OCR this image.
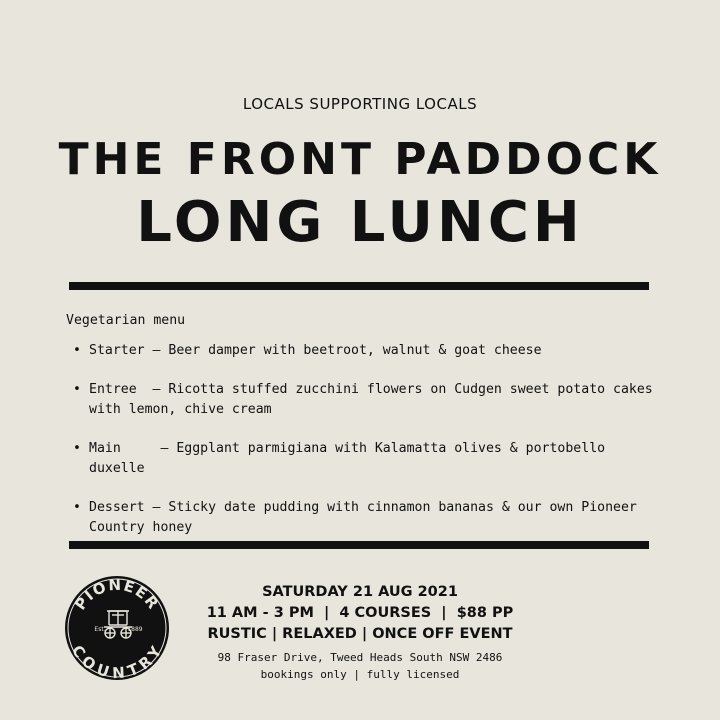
LOCALS SUPPORTING LOCALS
THE FRONT PADDOCK
LONG LUNCH
Vegetarian menu
• Starter – Beer damper with beetroot, walnut & goat cheese
• Entree  – Ricotta stuffed zucchini flowers on Cudgen sweet potato cakes with lemon, chive cream
• Main     – Eggplant parmigiana with Kalamatta olives & portobello duxelle
• Dessert – Sticky date pudding with cinnamon bananas & our own Pioneer Country honey
PIONEER
COUNTRY
Est.	1889
SATURDAY 21 AUG 2021
11 AM - 3 PM  |  4 COURSES  |  $88 PP
RUSTIC | RELAXED | ONCE OFF EVENT
98 Fraser Drive, Tweed Heads South NSW 2486
bookings only | fully licensed
